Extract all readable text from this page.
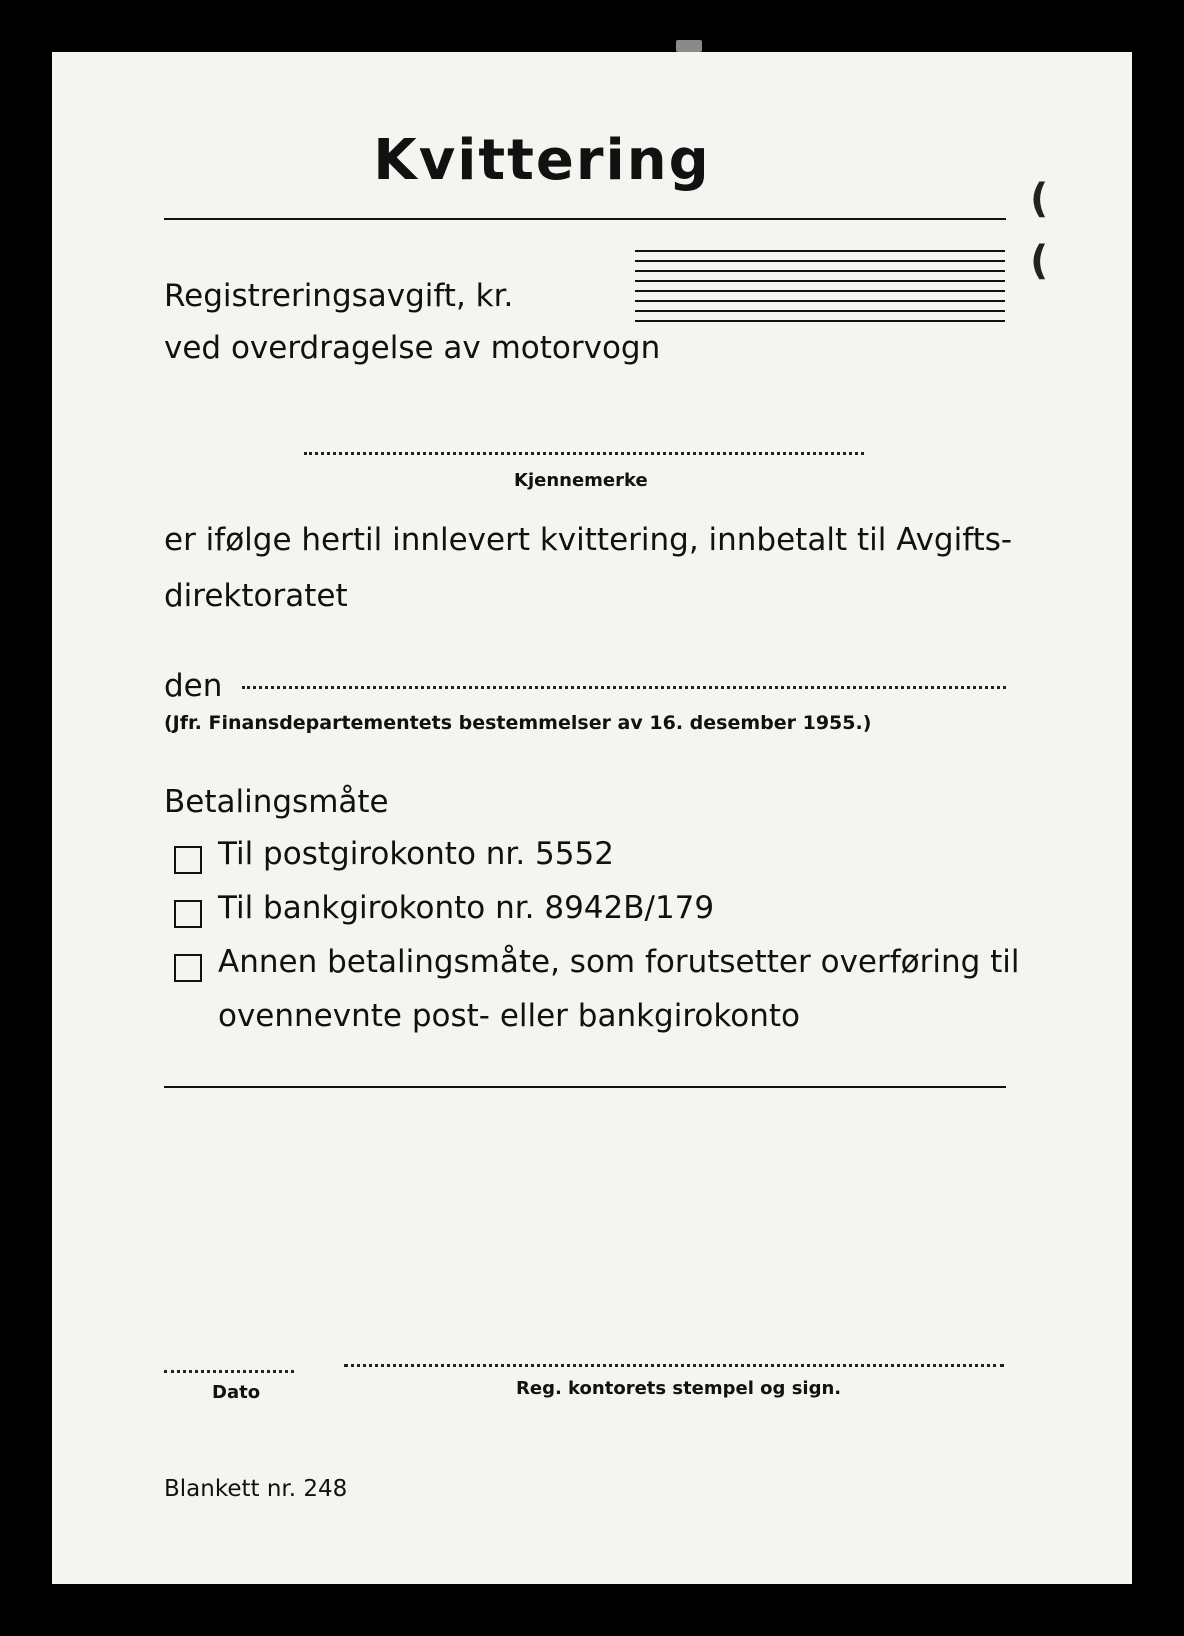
Kvittering
(
(
Registreringsavgift, kr.
ved overdragelse av motorvogn
Kjennemerke
er ifølge hertil innlevert kvittering, innbetalt til Avgifts-
direktoratet
den
(Jfr. Finansdepartementets bestemmelser av 16. desember 1955.)
Betalingsmåte
Til postgirokonto nr. 5552
Til bankgirokonto nr. 8942B/179
Annen betalingsmåte, som forutsetter overføring til
ovennevnte post- eller bankgirokonto
Dato	Reg. kontorets stempel og sign.
Blankett nr. 248
